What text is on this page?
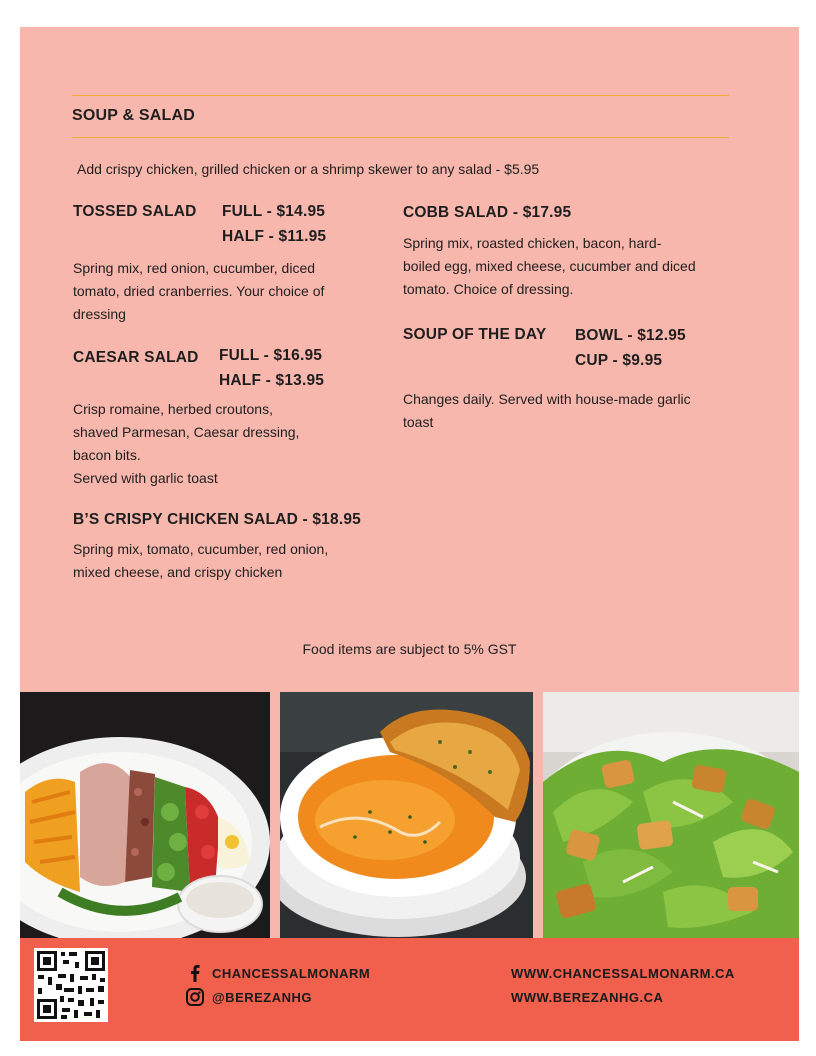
SOUP & SALAD
Add crispy chicken, grilled chicken or a shrimp skewer to any salad - $5.95
TOSSED SALAD FULL - $14.95
HALF - $11.95
Spring mix, red onion, cucumber, diced
tomato, dried cranberries. Your choice of
dressing
CAESAR SALAD FULL - $16.95
HALF - $13.95
Crisp romaine, herbed croutons,
shaved Parmesan, Caesar dressing,
bacon bits.
Served with garlic toast
B’S CRISPY CHICKEN SALAD - $18.95
Spring mix, tomato, cucumber, red onion,
mixed cheese, and crispy chicken
COBB SALAD - $17.95
Spring mix, roasted chicken, bacon, hard-
boiled egg, mixed cheese, cucumber and diced
tomato. Choice of dressing.
SOUP OF THE DAY BOWL - $12.95
CUP - $9.95
Changes daily. Served with house-made garlic
toast
Food items are subject to 5% GST
CHANCESSALMONARM
@BEREZANHG
WWW.CHANCESSALMONARM.CA
WWW.BEREZANHG.CA
